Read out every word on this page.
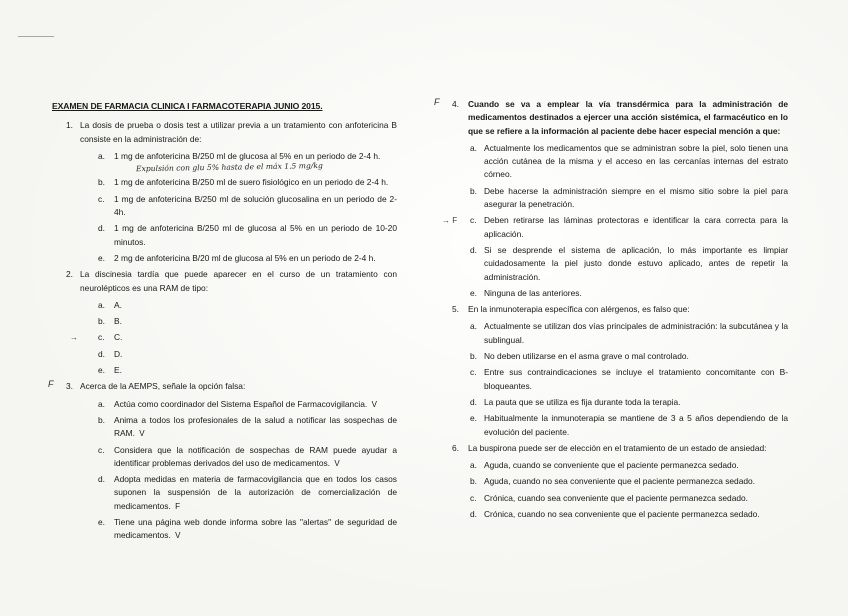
EXAMEN DE FARMACIA CLINICA I FARMACOTERAPIA JUNIO 2015.
1. La dosis de prueba o dosis test a utilizar previa a un tratamiento con anfotericina B consiste en la administración de:
a. 1 mg de anfotericina B/250 ml de glucosa al 5% en un periodo de 2-4 h.
Expulsión con glu 5% hasta de el máx 1.5 mg/kg
b. 1 mg de anfotericina B/250 ml de suero fisiológico en un periodo de 2-4 h.
c. 1 mg de anfotericina B/250 ml de solución glucosalina en un periodo de 2-4h.
d. 1 mg de anfotericina B/250 ml de glucosa al 5% en un periodo de 10-20 minutos.
e. 2 mg de anfotericina B/20 ml de glucosa al 5% en un periodo de 2-4 h.
2. La discinesia tardía que puede aparecer en el curso de un tratamiento con neurolépticos es una RAM de tipo:
a. A.
b. B.
→ c. C.
d. D.
e. E.
F 3. Acerca de la AEMPS, señale la opción falsa:
a. Actúa como coordinador del Sistema Español de Farmacovigilancia. V
b. Anima a todos los profesionales de la salud a notificar las sospechas de RAM. V
c. Considera que la notificación de sospechas de RAM puede ayudar a identificar problemas derivados del uso de medicamentos. V
d. Adopta medidas en materia de farmacovigilancia que en todos los casos suponen la suspensión de la autorización de comercialización de medicamentos. F
e. Tiene una página web donde informa sobre las "alertas" de seguridad de medicamentos. V
F 4. Cuando se va a emplear la vía transdérmica para la administración de medicamentos destinados a ejercer una acción sistémica, el farmacéutico en lo que se refiere a la información al paciente debe hacer especial mención a que:
a. Actualmente los medicamentos que se administran sobre la piel, solo tienen una acción cutánea de la misma y el acceso en las cercanías internas del estrato córneo.
b. Debe hacerse la administración siempre en el mismo sitio sobre la piel para asegurar la penetración.
→ F c. Deben retirarse las láminas protectoras e identificar la cara correcta para la aplicación.
d. Si se desprende el sistema de aplicación, lo más importante es limpiar cuidadosamente la piel justo donde estuvo aplicado, antes de repetir la administración.
e. Ninguna de las anteriores.
5. En la inmunoterapia específica con alérgenos, es falso que:
a. Actualmente se utilizan dos vías principales de administración: la subcutánea y la sublingual.
b. No deben utilizarse en el asma grave o mal controlado.
c. Entre sus contraindicaciones se incluye el tratamiento concomitante con B-bloqueantes.
d. La pauta que se utiliza es fija durante toda la terapia.
e. Habitualmente la inmunoterapia se mantiene de 3 a 5 años dependiendo de la evolución del paciente.
6. La buspirona puede ser de elección en el tratamiento de un estado de ansiedad:
a. Aguda, cuando se conveniente que el paciente permanezca sedado.
b. Aguda, cuando no sea conveniente que el paciente permanezca sedado.
c. Crónica, cuando sea conveniente que el paciente permanezca sedado.
d. Crónica, cuando no sea conveniente que el paciente permanezca sedado.
